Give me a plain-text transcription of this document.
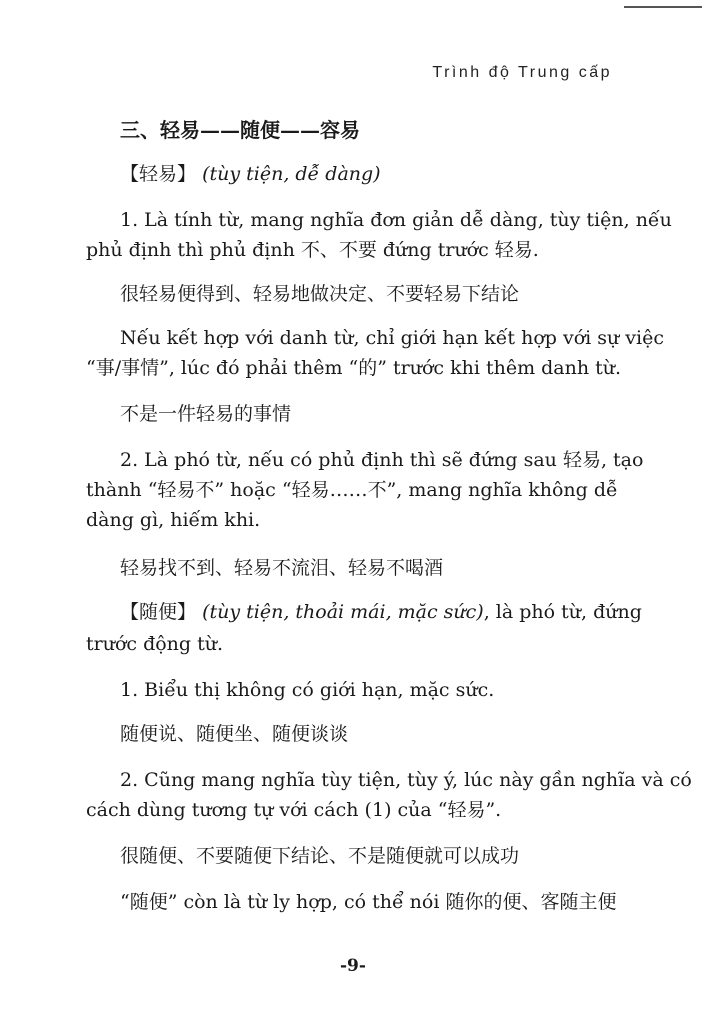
Trình độ Trung cấp
三、轻易——随便——容易
【轻易】 (tùy tiện, dễ dàng)
1. Là tính từ, mang nghĩa đơn giản dễ dàng, tùy tiện, nếu
phủ định thì phủ định 不、不要 đứng trước 轻易.
很轻易便得到、轻易地做决定、不要轻易下结论
Nếu kết hợp với danh từ, chỉ giới hạn kết hợp với sự việc
“事/事情”, lúc đó phải thêm “的” trước khi thêm danh từ.
不是一件轻易的事情
2. Là phó từ, nếu có phủ định thì sẽ đứng sau 轻易, tạo
thành “轻易不” hoặc “轻易……不”, mang nghĩa không dễ
dàng gì, hiếm khi.
轻易找不到、轻易不流泪、轻易不喝酒
【随便】 (tùy tiện, thoải mái, mặc sức), là phó từ, đứng
trước động từ.
1. Biểu thị không có giới hạn, mặc sức.
随便说、随便坐、随便谈谈
2. Cũng mang nghĩa tùy tiện, tùy ý, lúc này gần nghĩa và có
cách dùng tương tự với cách (1) của “轻易”.
很随便、不要随便下结论、不是随便就可以成功
“随便” còn là từ ly hợp, có thể nói 随你的便、客随主便
-9-
